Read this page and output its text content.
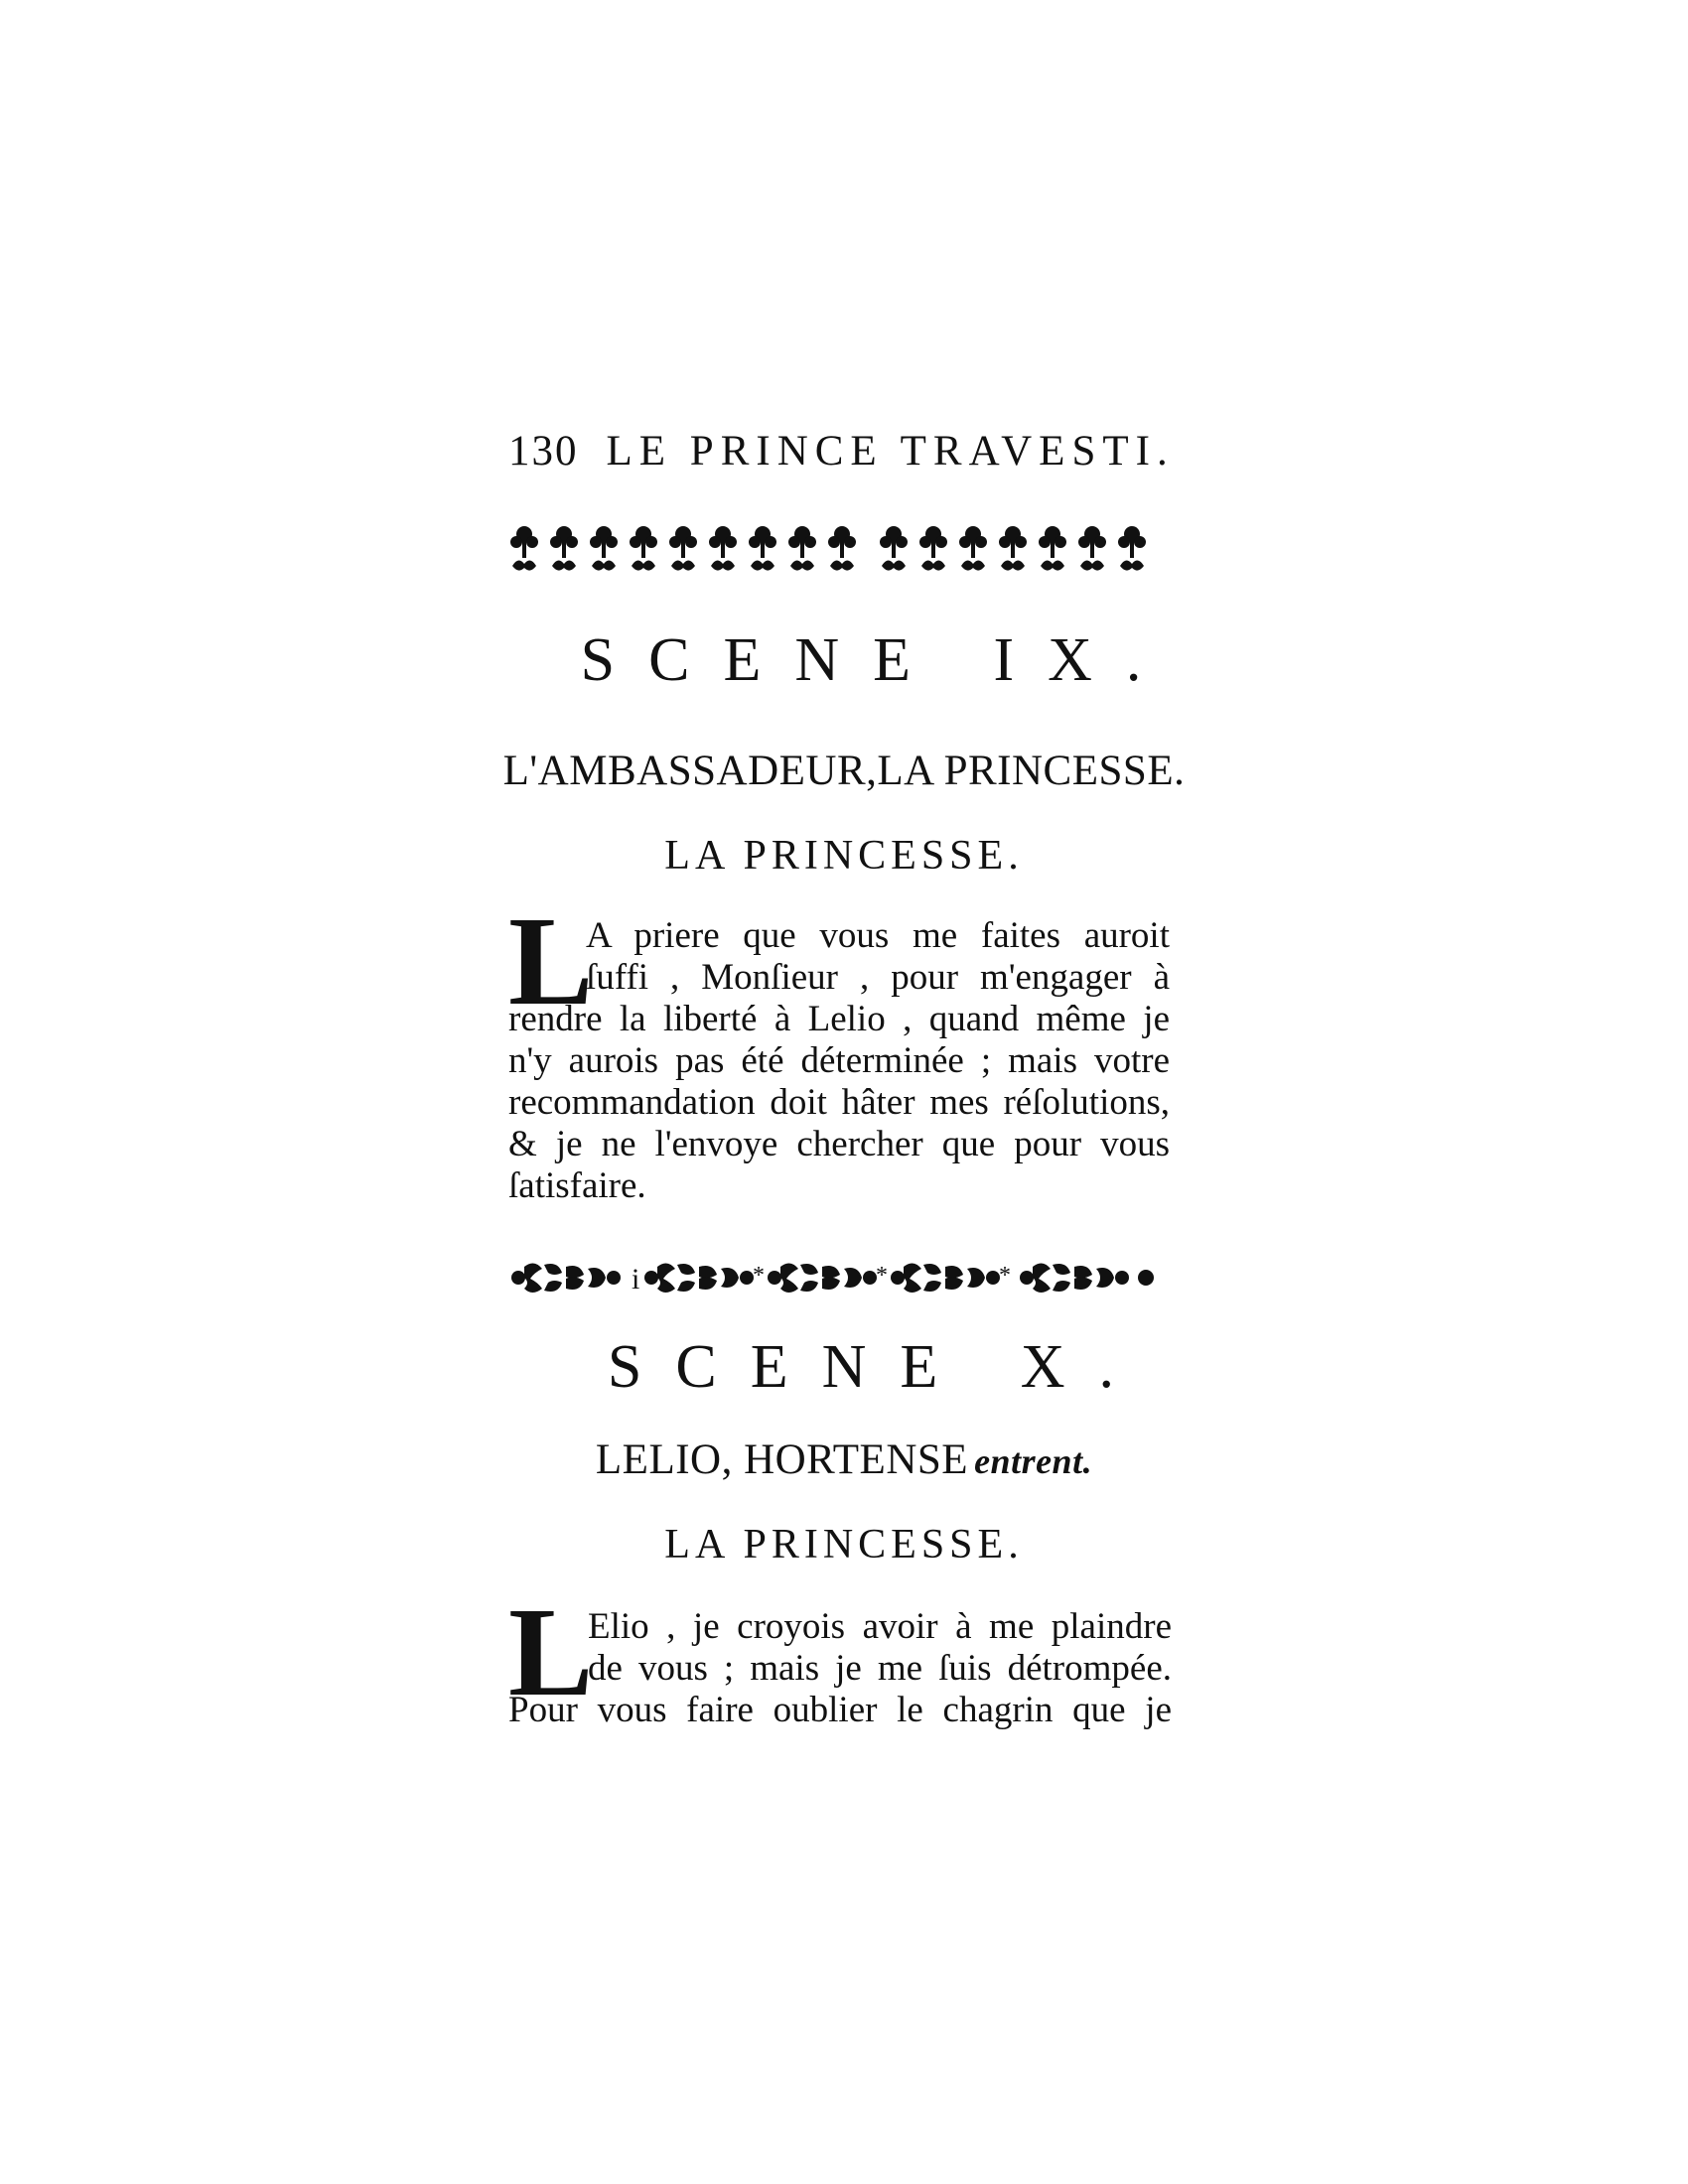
130 LE PRINCE TRAVESTI.
SCENE IX.
L'AMBASSADEUR,LA PRINCESSE.
LA PRINCESSE.
L
A priere que vous me faites auroit
ſuffi , Monſieur , pour m'engager à
rendre la liberté à Lelio , quand même je
n'y aurois pas été déterminée ; mais votre
recommandation doit hâter mes réſolutions,
& je ne l'envoye chercher que pour vous
ſatisfaire.
i	*	*	*
SCENE X.
LELIO, HORTENSE entrent.
LA PRINCESSE.
L
Elio , je croyois avoir à me plaindre
de vous ; mais je me ſuis détrompée.
Pour vous faire oublier le chagrin que je
